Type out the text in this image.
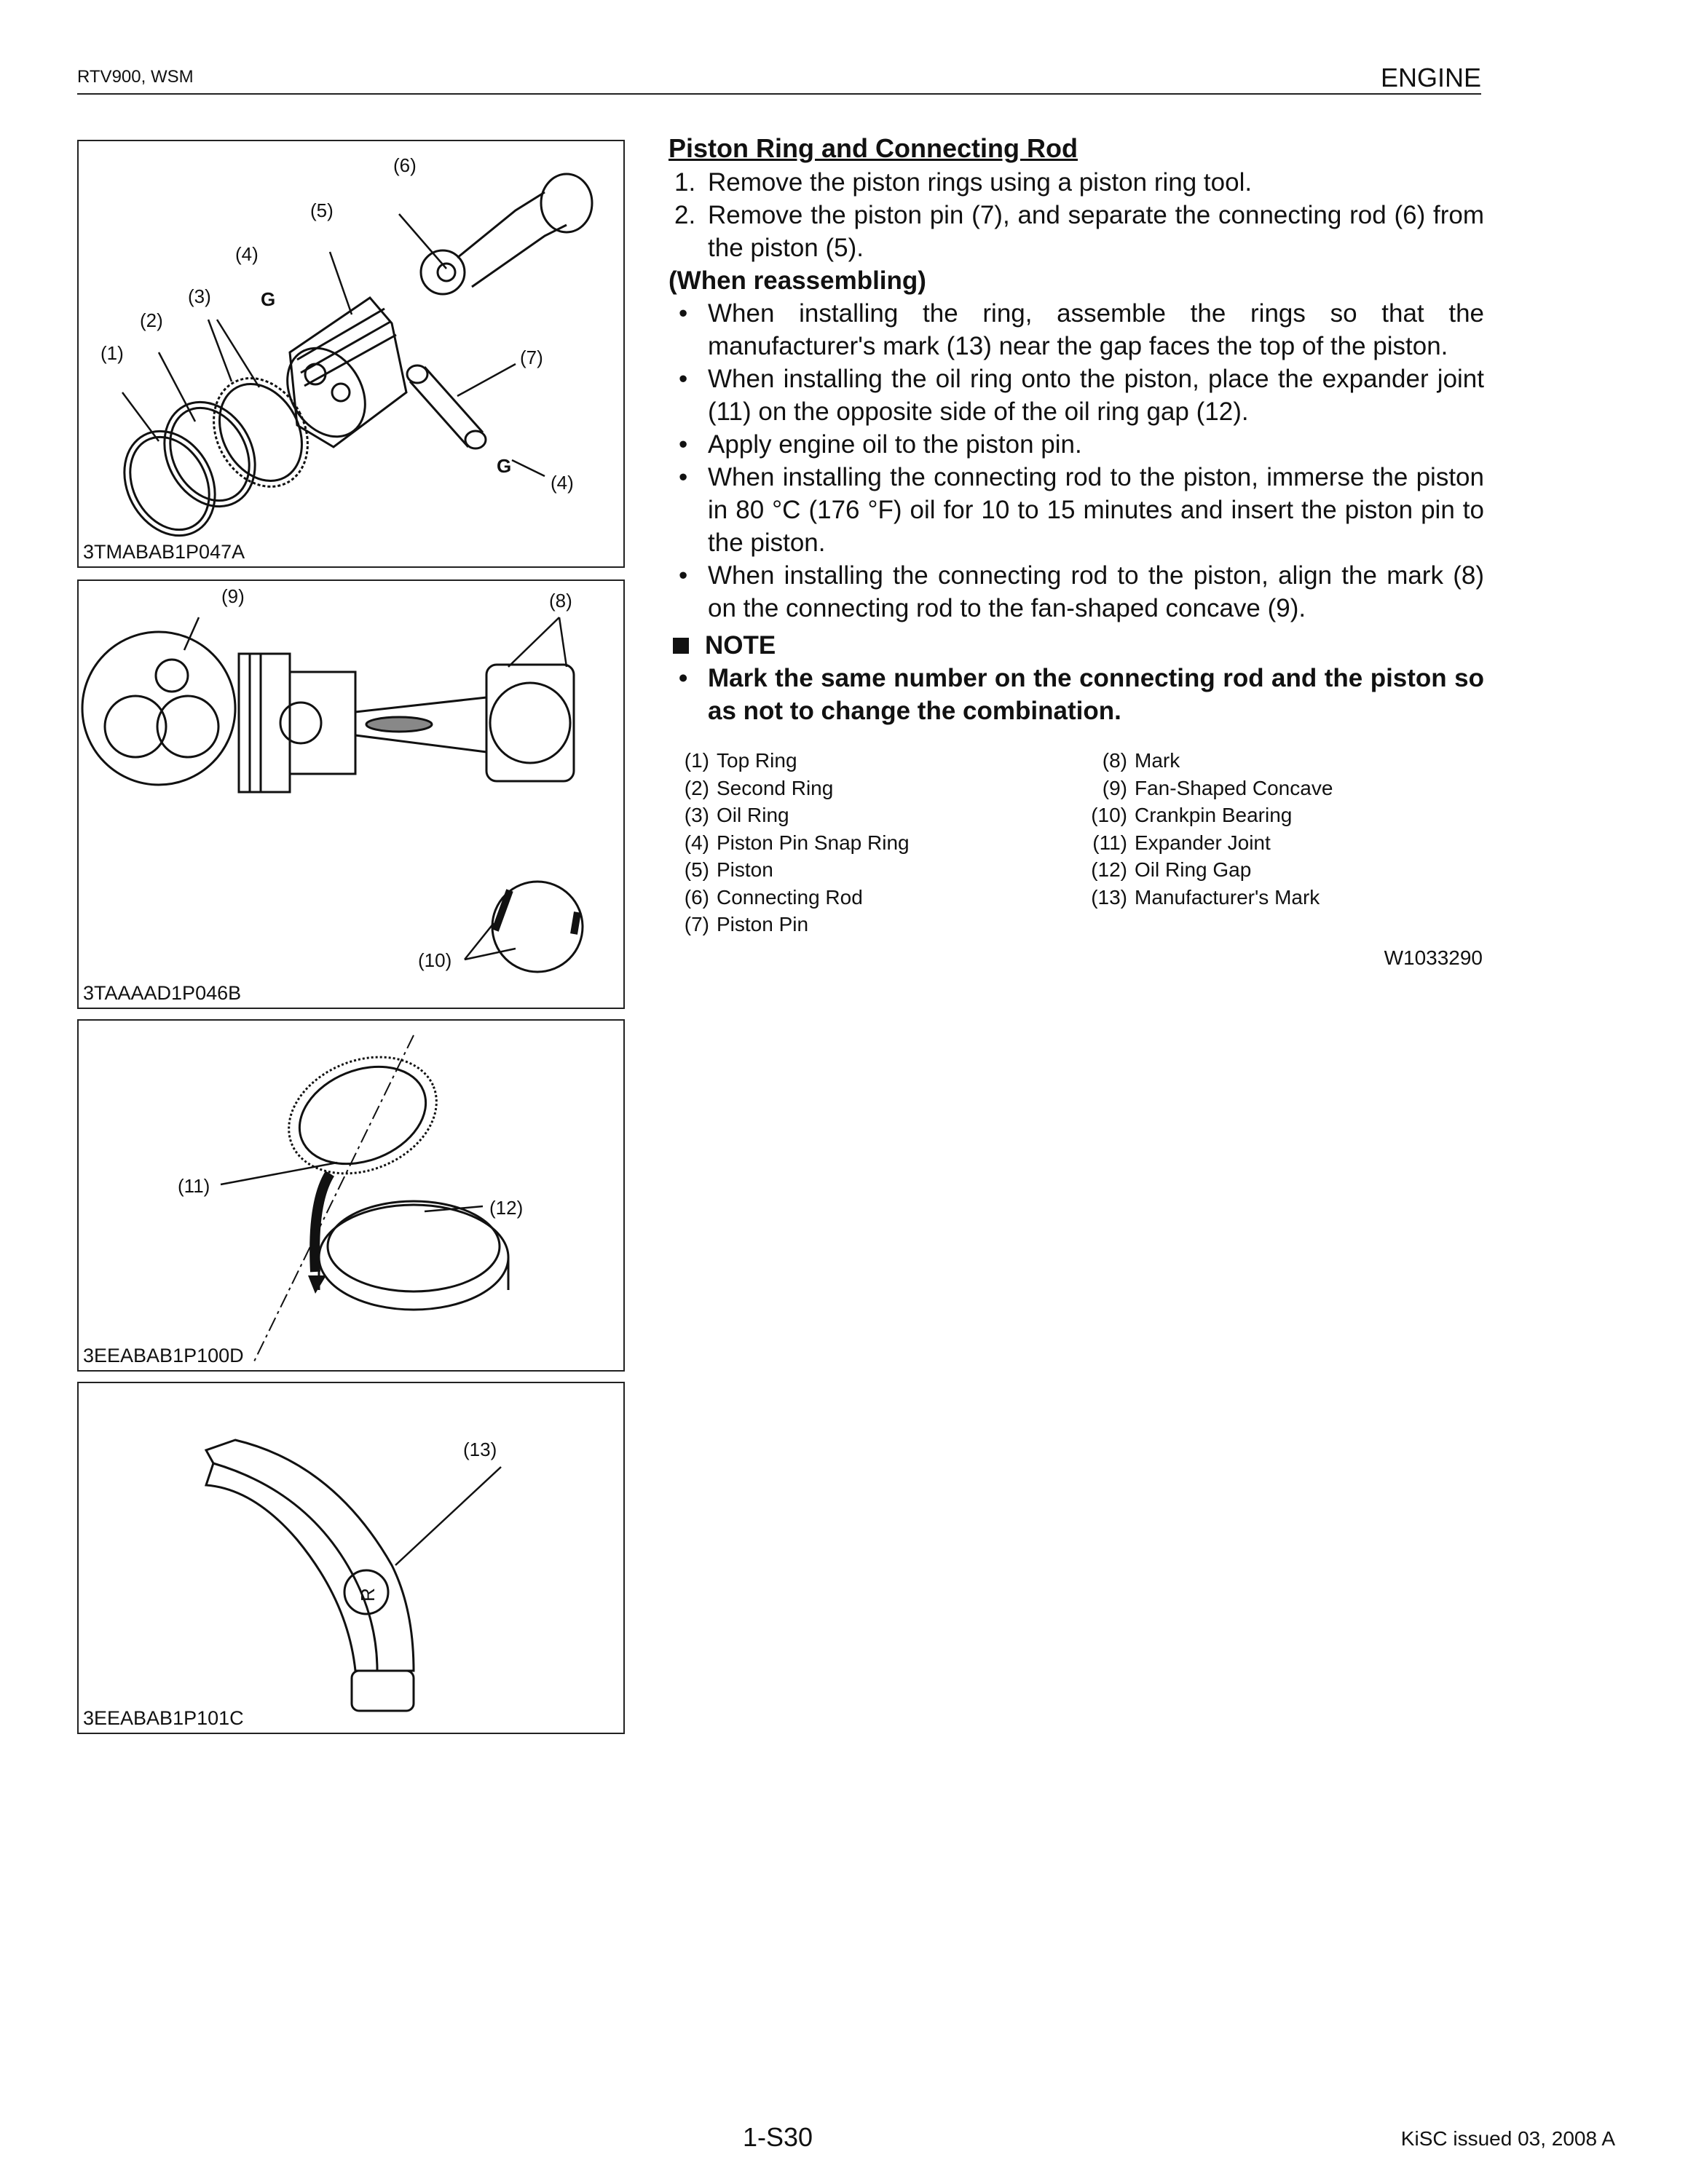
RTV900, WSM	ENGINE
G
G
(1)
(2)
(3)
(4)
(5)
(6)
(7)
(4)
3TMABAB1P047A
(9)	(8)
(10)
3TAAAAD1P046B
(11)
(12)
3EEABAB1P100D
R
(13)
3EEABAB1P101C
Piston Ring and Connecting Rod
1. Remove the piston rings using a piston ring tool.
2. Remove the piston pin (7), and separate the connecting rod (6) from the piston (5).
(When reassembling)
• When installing the ring, assemble the rings so that the manufacturer's mark (13) near the gap faces the top of the piston.
• When installing the oil ring onto the piston, place the expander joint (11) on the opposite side of the oil ring gap (12).
• Apply engine oil to the piston pin.
• When installing the connecting rod to the piston, immerse the piston in 80 °C (176 °F) oil for 10 to 15 minutes and insert the piston pin to the piston.
• When installing the connecting rod to the piston, align the mark (8) on the connecting rod to the fan-shaped concave (9).
NOTE
• Mark the same number on the connecting rod and the piston so as not to change the combination.
(1) Top Ring
(2) Second Ring
(3) Oil Ring
(4) Piston Pin Snap Ring
(5) Piston
(6) Connecting Rod
(7) Piston Pin
(8) Mark
(9) Fan-Shaped Concave
(10) Crankpin Bearing
(11) Expander Joint
(12) Oil Ring Gap
(13) Manufacturer's Mark
W1033290
1-S30	KiSC issued 03, 2008 A
